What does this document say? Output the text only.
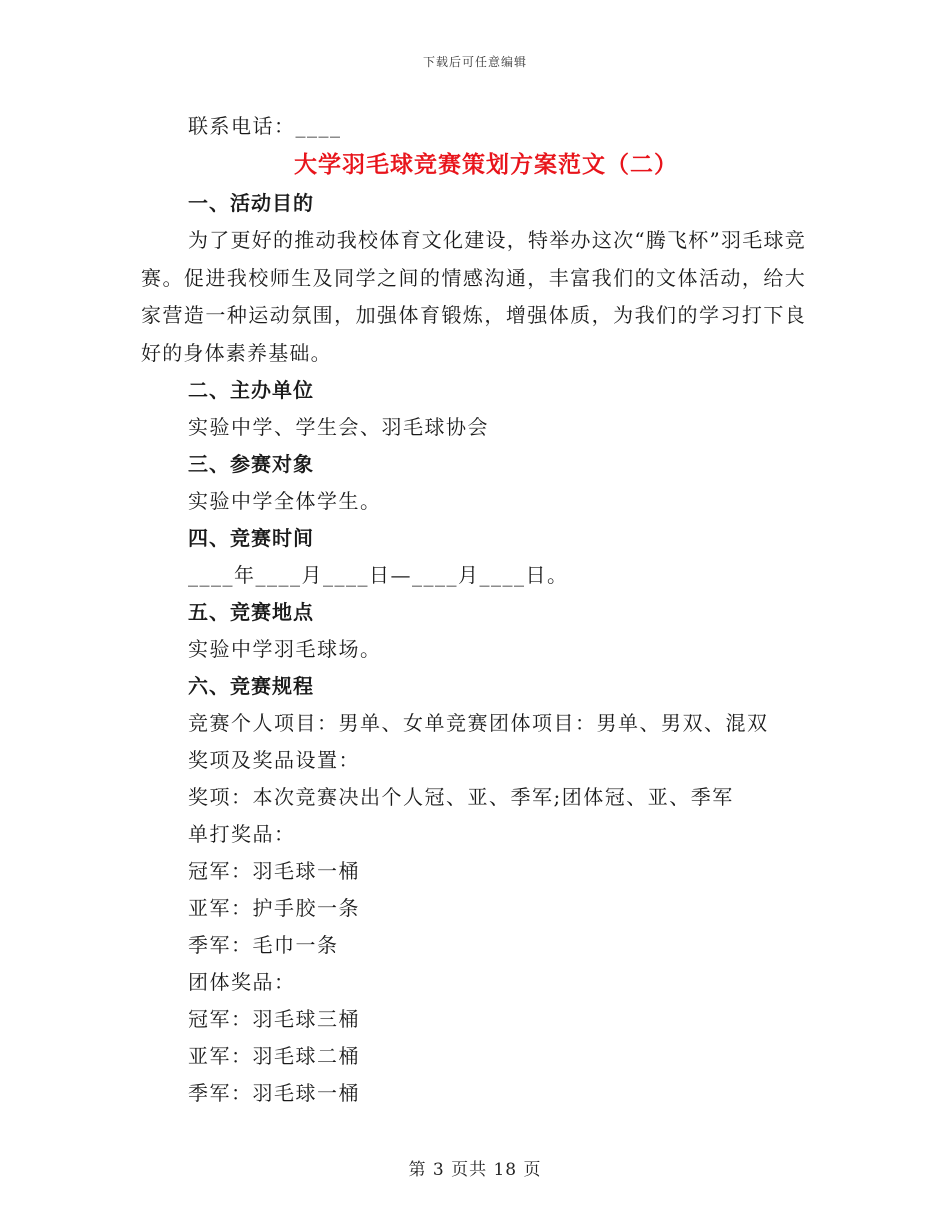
下载后可任意编辑
联系电话：____
大学羽毛球竞赛策划方案范文（二）
一、活动目的
为了更好的推动我校体育文化建设，特举办这次“腾飞杯”羽毛球竞赛。促进我校师生及同学之间的情感沟通，丰富我们的文体活动，给大家营造一种运动氛围，加强体育锻炼，增强体质，为我们的学习打下良好的身体素养基础。
二、主办单位
实验中学、学生会、羽毛球协会
三、参赛对象
实验中学全体学生。
四、竞赛时间
____年____月____日—____月____日。
五、竞赛地点
实验中学羽毛球场。
六、竞赛规程
竞赛个人项目：男单、女单竞赛团体项目：男单、男双、混双
奖项及奖品设置：
奖项：本次竞赛决出个人冠、亚、季军;团体冠、亚、季军
单打奖品：
冠军：羽毛球一桶
亚军：护手胶一条
季军：毛巾一条
团体奖品：
冠军：羽毛球三桶
亚军：羽毛球二桶
季军：羽毛球一桶
第 3 页共 18 页
